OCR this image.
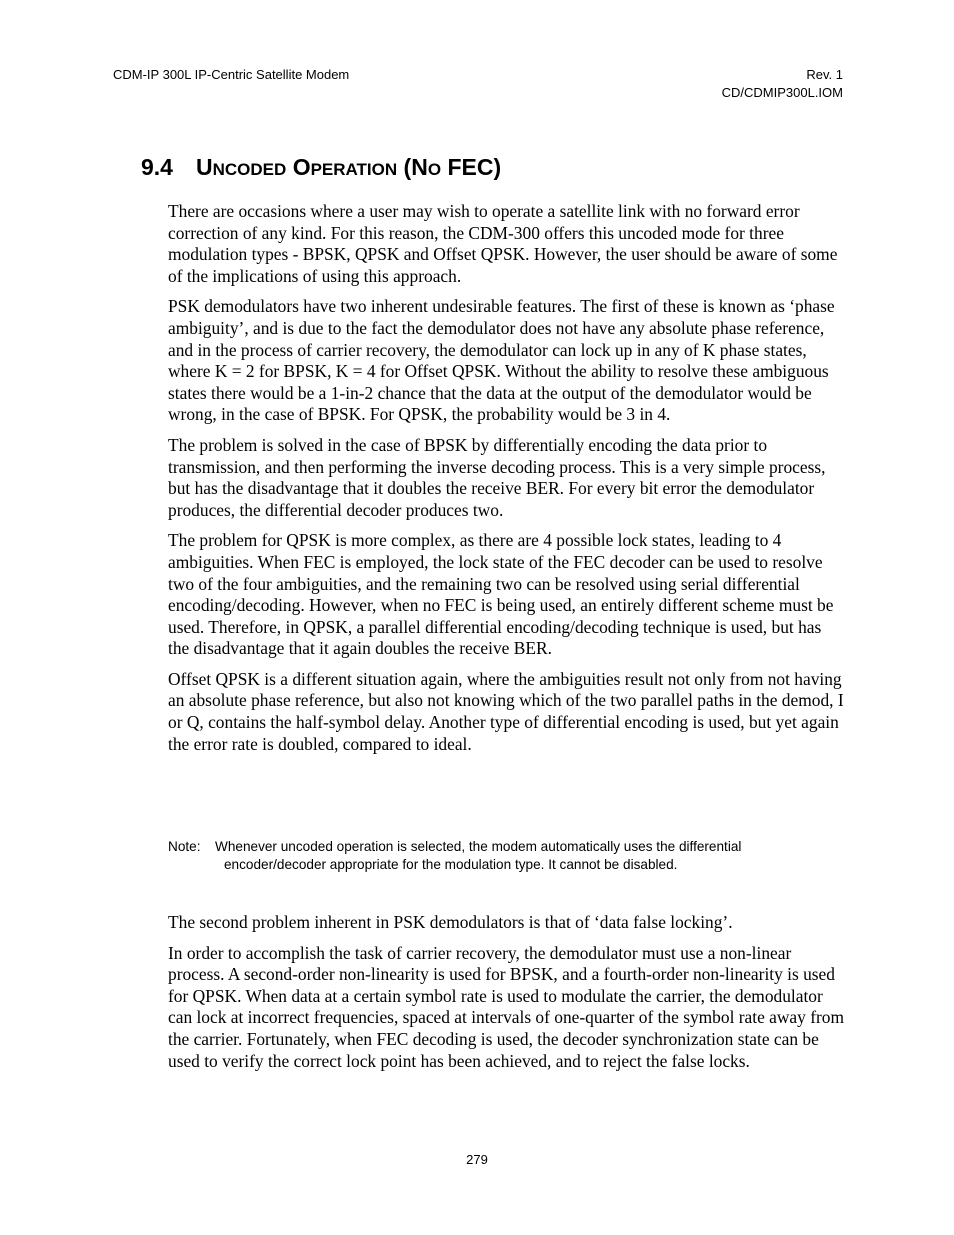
CDM-IP 300L IP-Centric Satellite Modem	Rev. 1
CD/CDMIP300L.IOM
9.4 UNCODED OPERATION (NO FEC)

There are occasions where a user may wish to operate a satellite link with no forward error correction of any kind. For this reason, the CDM-300 offers this uncoded mode for three modulation types - BPSK, QPSK and Offset QPSK. However, the user should be aware of some of the implications of using this approach.

PSK demodulators have two inherent undesirable features. The first of these is known as ‘phase ambiguity’, and is due to the fact the demodulator does not have any absolute phase reference, and in the process of carrier recovery, the demodulator can lock up in any of K phase states, where K = 2 for BPSK, K = 4 for Offset QPSK. Without the ability to resolve these ambiguous states there would be a 1-in-2 chance that the data at the output of the demodulator would be wrong, in the case of BPSK. For QPSK, the probability would be 3 in 4.

The problem is solved in the case of BPSK by differentially encoding the data prior to transmission, and then performing the inverse decoding process. This is a very simple process, but has the disadvantage that it doubles the receive BER. For every bit error the demodulator produces, the differential decoder produces two.

The problem for QPSK is more complex, as there are 4 possible lock states, leading to 4 ambiguities. When FEC is employed, the lock state of the FEC decoder can be used to resolve two of the four ambiguities, and the remaining two can be resolved using serial differential encoding/decoding. However, when no FEC is being used, an entirely different scheme must be used. Therefore, in QPSK, a parallel differential encoding/decoding technique is used, but has the disadvantage that it again doubles the receive BER.

Offset QPSK is a different situation again, where the ambiguities result not only from not having an absolute phase reference, but also not knowing which of the two parallel paths in the demod, I or Q, contains the half-symbol delay. Another type of differential encoding is used, but yet again the error rate is doubled, compared to ideal.

Note: Whenever uncoded operation is selected, the modem automatically uses the differential
encoder/decoder appropriate for the modulation type. It cannot be disabled.

The second problem inherent in PSK demodulators is that of ‘data false locking’.

In order to accomplish the task of carrier recovery, the demodulator must use a non-linear process. A second-order non-linearity is used for BPSK, and a fourth-order non-linearity is used for QPSK. When data at a certain symbol rate is used to modulate the carrier, the demodulator can lock at incorrect frequencies, spaced at intervals of one-quarter of the symbol rate away from the carrier. Fortunately, when FEC decoding is used, the decoder synchronization state can be used to verify the correct lock point has been achieved, and to reject the false locks.

279
